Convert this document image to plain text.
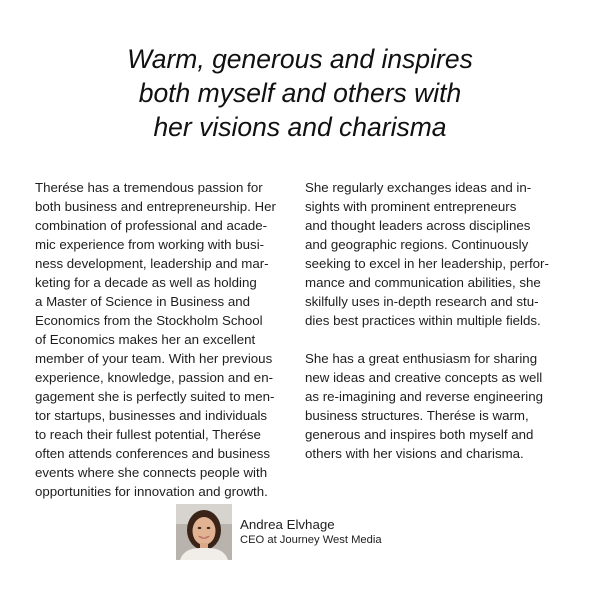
Warm, generous and inspires
both myself and others with
her visions and charisma
Therése has a tremendous passion for
both business and entrepreneurship. Her
combination of professional and acade-
mic experience from working with busi-
ness development, leadership and mar-
keting for a decade as well as holding
a Master of Science in Business and
Economics from the Stockholm School
of Economics makes her an excellent
member of your team. With her previous
experience, knowledge, passion and en-
gagement she is perfectly suited to men-
tor startups, businesses and individuals
to reach their fullest potential, Therése
often attends conferences and business
events where she connects people with
opportunities for innovation and growth.
She regularly exchanges ideas and in-
sights with prominent entrepreneurs
and thought leaders across disciplines
and geographic regions. Continuously
seeking to excel in her leadership, perfor-
mance and communication abilities, she
skilfully uses in-depth research and stu-
dies best practices within multiple fields.
She has a great enthusiasm for sharing
new ideas and creative concepts as well
as re-imagining and reverse engineering
business structures. Therése is warm,
generous and inspires both myself and
others with her visions and charisma.
Andrea Elvhage
CEO at Journey West Media
